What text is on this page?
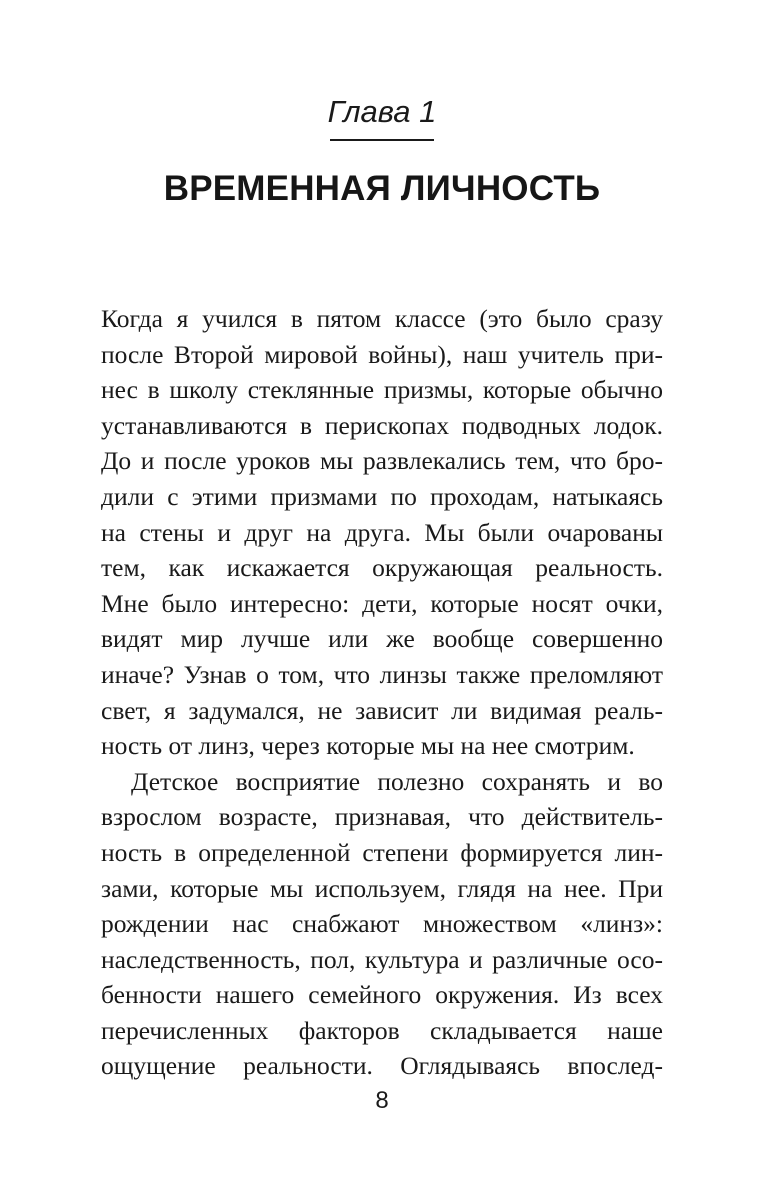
Глава 1
ВРЕМЕННАЯ ЛИЧНОСТЬ
Когда я учился в пятом классе (это было сразу
после Второй мировой войны), наш учитель при-
нес в школу стеклянные призмы, которые обычно
устанавливаются в перископах подводных лодок.
До и после уроков мы развлекались тем, что бро-
дили с этими призмами по проходам, натыкаясь
на стены и друг на друга. Мы были очарованы
тем, как искажается окружающая реальность.
Мне было интересно: дети, которые носят очки,
видят мир лучше или же вообще совершенно
иначе? Узнав о том, что линзы также преломляют
свет, я задумался, не зависит ли видимая реаль-
ность от линз, через которые мы на нее смотрим.
Детское восприятие полезно сохранять и во
взрослом возрасте, признавая, что действитель-
ность в определенной степени формируется лин-
зами, которые мы используем, глядя на нее. При
рождении нас снабжают множеством «линз»:
наследственность, пол, культура и различные осо-
бенности нашего семейного окружения. Из всех
перечисленных факторов складывается наше
ощущение реальности. Оглядываясь впослед-
8
